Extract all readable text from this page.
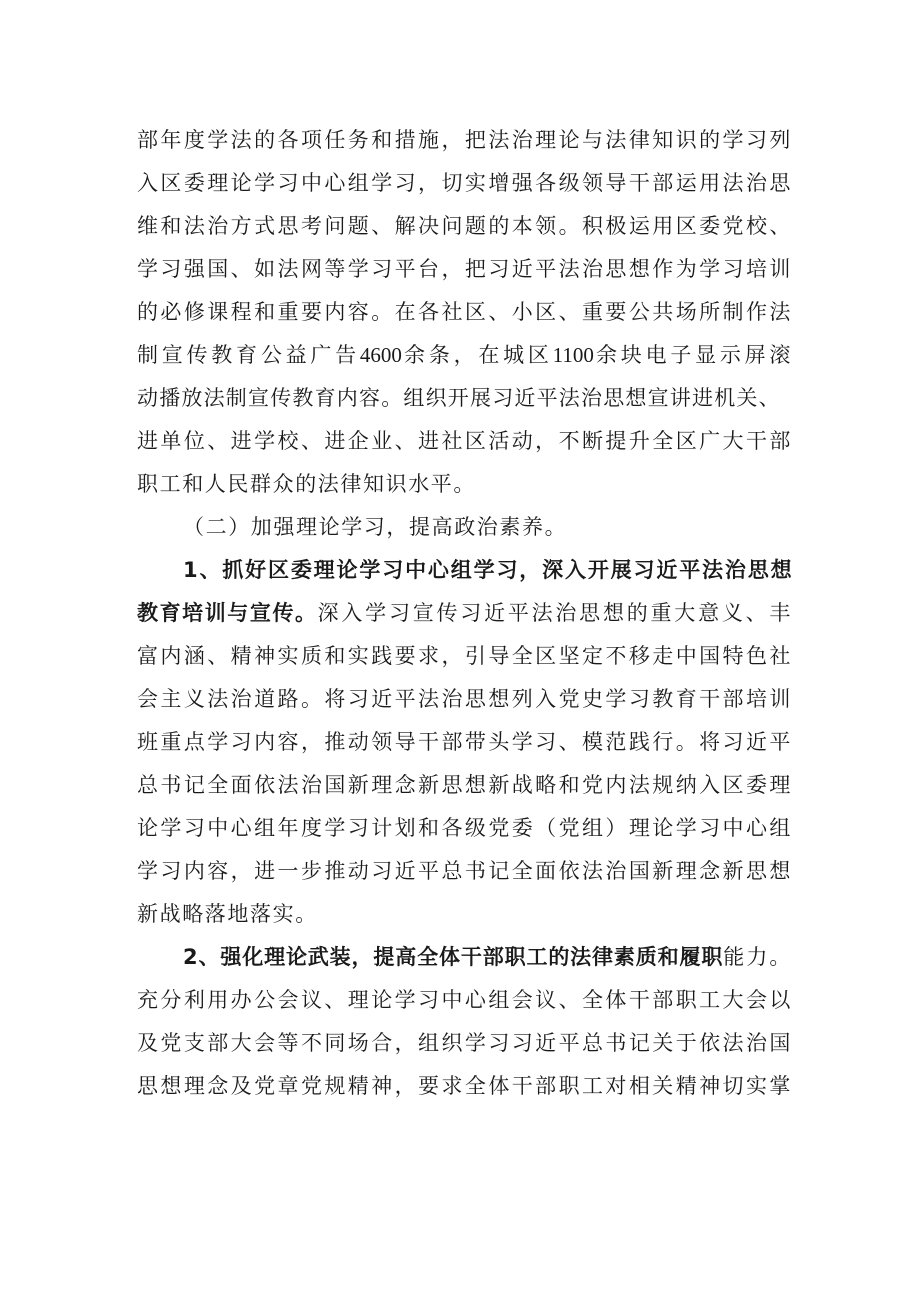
部年度学法的各项任务和措施，把法治理论与法律知识的学习列
入区委理论学习中心组学习，切实增强各级领导干部运用法治思
维和法治方式思考问题、解决问题的本领。积极运用区委党校、
学习强国、如法网等学习平台，把习近平法治思想作为学习培训
的必修课程和重要内容。在各社区、小区、重要公共场所制作法
制宣传教育公益广告4600余条，在城区1100余块电子显示屏滚
动播放法制宣传教育内容。组织开展习近平法治思想宣讲进机关、
进单位、进学校、进企业、进社区活动，不断提升全区广大干部
职工和人民群众的法律知识水平。
（二）加强理论学习，提高政治素养。
1、抓好区委理论学习中心组学习，深入开展习近平法治思想
教育培训与宣传。深入学习宣传习近平法治思想的重大意义、丰
富内涵、精神实质和实践要求，引导全区坚定不移走中国特色社
会主义法治道路。将习近平法治思想列入党史学习教育干部培训
班重点学习内容，推动领导干部带头学习、模范践行。将习近平
总书记全面依法治国新理念新思想新战略和党内法规纳入区委理
论学习中心组年度学习计划和各级党委（党组）理论学习中心组
学习内容，进一步推动习近平总书记全面依法治国新理念新思想
新战略落地落实。
2、强化理论武装，提高全体干部职工的法律素质和履职能力。
充分利用办公会议、理论学习中心组会议、全体干部职工大会以
及党支部大会等不同场合，组织学习习近平总书记关于依法治国
思想理念及党章党规精神，要求全体干部职工对相关精神切实掌
